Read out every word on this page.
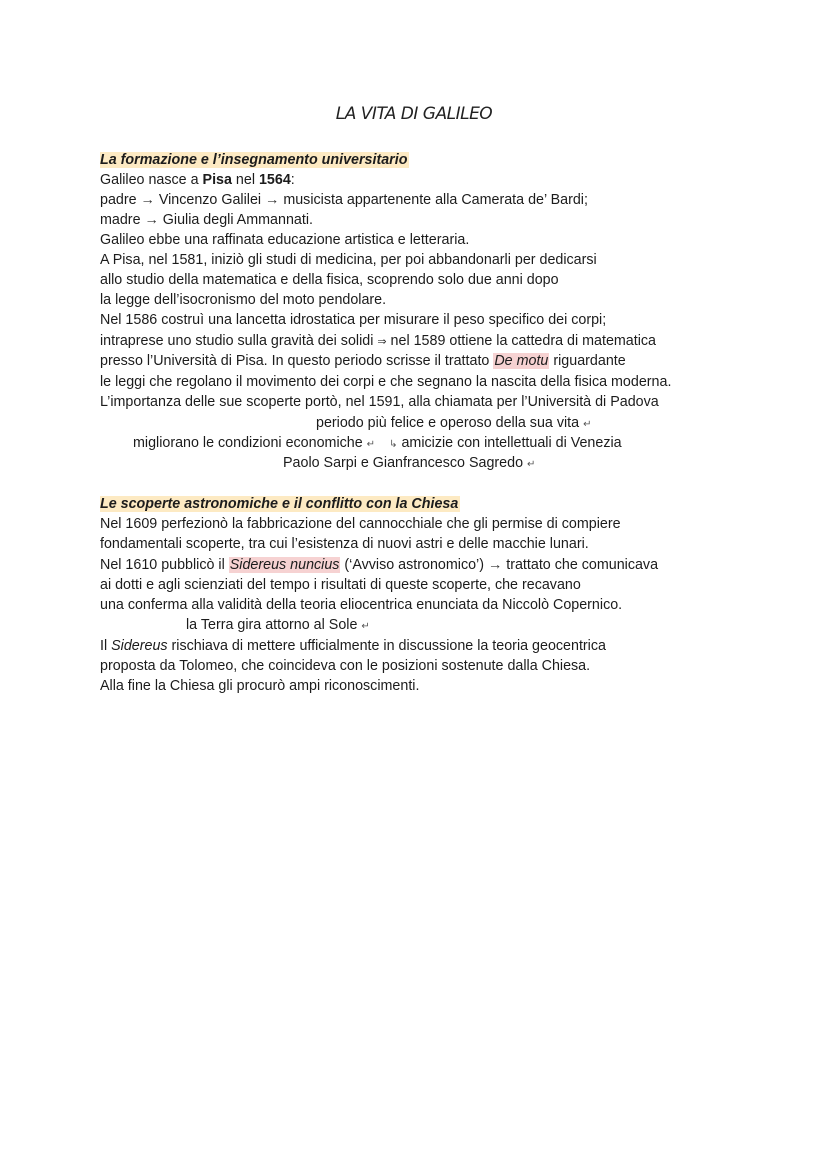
LA VITA DI GALILEO
La formazione e l’insegnamento universitario
Galileo nasce a Pisa nel 1564:
padre → Vincenzo Galilei → musicista appartenente alla Camerata de’ Bardi;
madre → Giulia degli Ammannati.
Galileo ebbe una raffinata educazione artistica e letteraria.
A Pisa, nel 1581, iniziò gli studi di medicina, per poi abbandonarli per dedicarsi
allo studio della matematica e della fisica, scoprendo solo due anni dopo
la legge dell’isocronismo del moto pendolare.
Nel 1586 costruì una lancetta idrostatica per misurare il peso specifico dei corpi;
intraprese uno studio sulla gravità dei solidi ⇒ nel 1589 ottiene la cattedra di matematica
presso l’Università di Pisa. In questo periodo scrisse il trattato De motu riguardante
le leggi che regolano il movimento dei corpi e che segnano la nascita della fisica moderna.
L’importanza delle sue scoperte portò, nel 1591, alla chiamata per l’Università di Padova
periodo più felice e operoso della sua vita ↵
migliorano le condizioni economiche ↵ ↳ amicizie con intellettuali di Venezia
Paolo Sarpi e Gianfrancesco Sagredo ↵
Le scoperte astronomiche e il conflitto con la Chiesa
Nel 1609 perfezionò la fabbricazione del cannocchiale che gli permise di compiere
fondamentali scoperte, tra cui l’esistenza di nuovi astri e delle macchie lunari.
Nel 1610 pubblicò il Sidereus nuncius (‘Avviso astronomico’) → trattato che comunicava
ai dotti e agli scienziati del tempo i risultati di queste scoperte, che recavano
una conferma alla validità della teoria eliocentrica enunciata da Niccolò Copernico.
la Terra gira attorno al Sole ↵
Il Sidereus rischiava di mettere ufficialmente in discussione la teoria geocentrica
proposta da Tolomeo, che coincideva con le posizioni sostenute dalla Chiesa.
Alla fine la Chiesa gli procurò ampi riconoscimenti.
